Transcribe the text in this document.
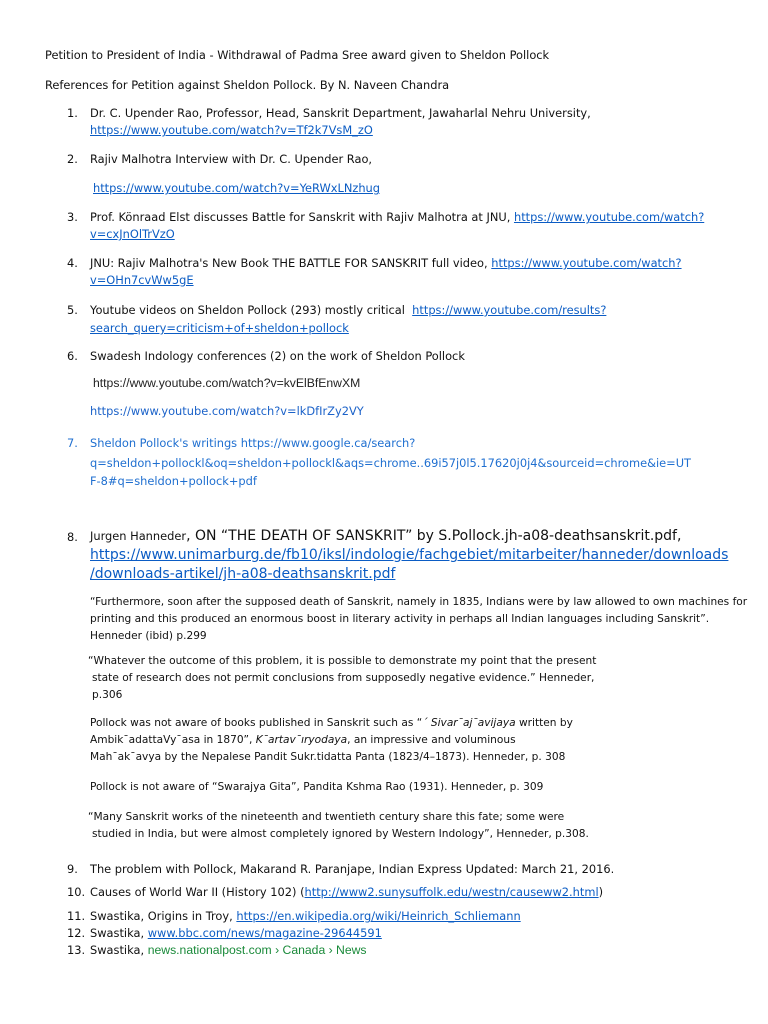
Petition to President of India - Withdrawal of Padma Sree award given to Sheldon Pollock
References for Petition against Sheldon Pollock. By N. Naveen Chandra
1. Dr. C. Upender Rao, Professor, Head, Sanskrit Department, Jawaharlal Nehru University,
https://www.youtube.com/watch?v=Tf2k7VsM_zO
2. Rajiv Malhotra Interview with Dr. C. Upender Rao,
https://www.youtube.com/watch?v=YeRWxLNzhug
3. Prof. Könraad Elst discusses Battle for Sanskrit with Rajiv Malhotra at JNU, https://www.youtube.com/watch?
v=cxJnOlTrVzO
4. JNU: Rajiv Malhotra's New Book THE BATTLE FOR SANSKRIT full video, https://www.youtube.com/watch?
v=OHn7cvWw5gE
5. Youtube videos on Sheldon Pollock (293) mostly critical https://www.youtube.com/results?
search_query=criticism+of+sheldon+pollock
6. Swadesh Indology conferences (2) on the work of Sheldon Pollock
https://www.youtube.com/watch?v=kvElBfEnwXM
https://www.youtube.com/watch?v=lkDfIrZy2VY
7. Sheldon Pollock's writings https://www.google.ca/search?
q=sheldon+pollockl&oq=sheldon+pollockl&aqs=chrome..69i57j0l5.17620j0j4&sourceid=chrome&ie=UT
F-8#q=sheldon+pollock+pdf
8. Jurgen Hanneder, ON “THE DEATH OF SANSKRIT” by S.Pollock.jh-a08-deathsanskrit.pdf,
https://www.unimarburg.de/fb10/iksl/indologie/fachgebiet/mitarbeiter/hanneder/downloads
/downloads-artikel/jh-a08-deathsanskrit.pdf
“Furthermore, soon after the supposed death of Sanskrit, namely in 1835, Indians were by law allowed to own machines for
printing and this produced an enormous boost in literary activity in perhaps all Indian languages including Sanskrit”.
Henneder (ibid) p.299
“Whatever the outcome of this problem, it is possible to demonstrate my point that the present
state of research does not permit conclusions from supposedly negative evidence.” Henneder,
p.306
Pollock was not aware of books published in Sanskrit such as “´ Sivar¯aj¯avijaya written by
Ambik¯adattaVy¯asa in 1870”, K¯artav¯ıryodaya, an impressive and voluminous
Mah¯ak¯avya by the Nepalese Pandit Sukr.tidatta Panta (1823/4–1873). Henneder, p. 308
Pollock is not aware of “Swarajya Gita”, Pandita Kshma Rao (1931). Henneder, p. 309
“Many Sanskrit works of the nineteenth and twentieth century share this fate; some were
studied in India, but were almost completely ignored by Western Indology”, Henneder, p.308.
9. The problem with Pollock, Makarand R. Paranjape, Indian Express Updated: March 21, 2016.
10. Causes of World War II (History 102) (http://www2.sunysuffolk.edu/westn/causeww2.html)
11. Swastika, Origins in Troy, https://en.wikipedia.org/wiki/Heinrich_Schliemann
12. Swastika, www.bbc.com/news/magazine-29644591
13. Swastika, news.nationalpost.com › Canada › News
